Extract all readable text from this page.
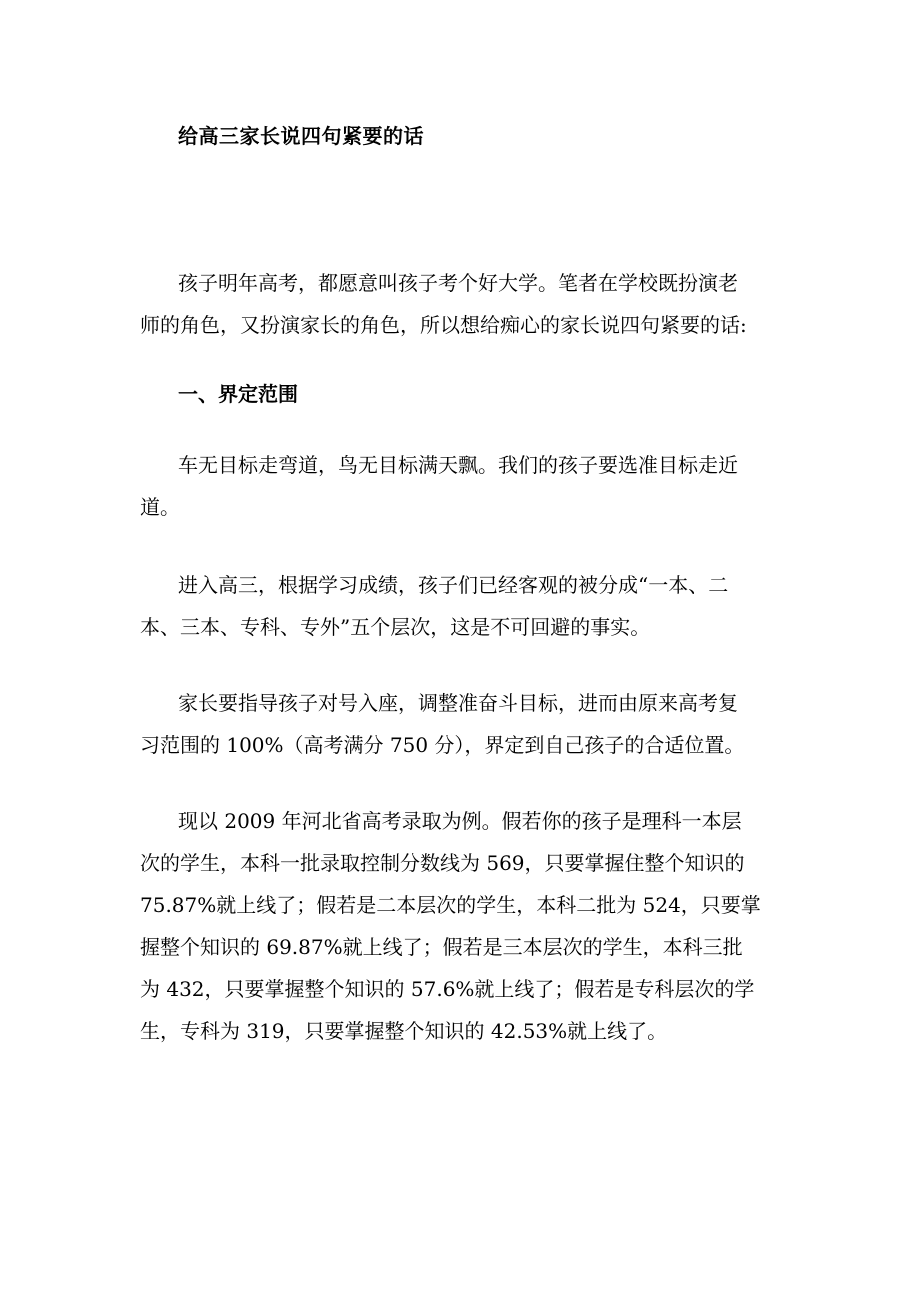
给高三家长说四句紧要的话
孩子明年高考，都愿意叫孩子考个好大学。笔者在学校既扮演老
师的角色，又扮演家长的角色，所以想给痴心的家长说四句紧要的话:
一、界定范围
车无目标走弯道，鸟无目标满天飘。我们的孩子要选准目标走近
道。
进入高三，根据学习成绩，孩子们已经客观的被分成“一本、二
本、三本、专科、专外”五个层次，这是不可回避的事实。
家长要指导孩子对号入座，调整准奋斗目标，进而由原来高考复
习范围的 100%（高考满分 750 分），界定到自己孩子的合适位置。
现以 2009 年河北省高考录取为例。假若你的孩子是理科一本层
次的学生，本科一批录取控制分数线为 569，只要掌握住整个知识的
75.87%就上线了；假若是二本层次的学生，本科二批为 524，只要掌
握整个知识的 69.87%就上线了；假若是三本层次的学生，本科三批
为 432，只要掌握整个知识的 57.6%就上线了；假若是专科层次的学
生，专科为 319，只要掌握整个知识的 42.53%就上线了。
